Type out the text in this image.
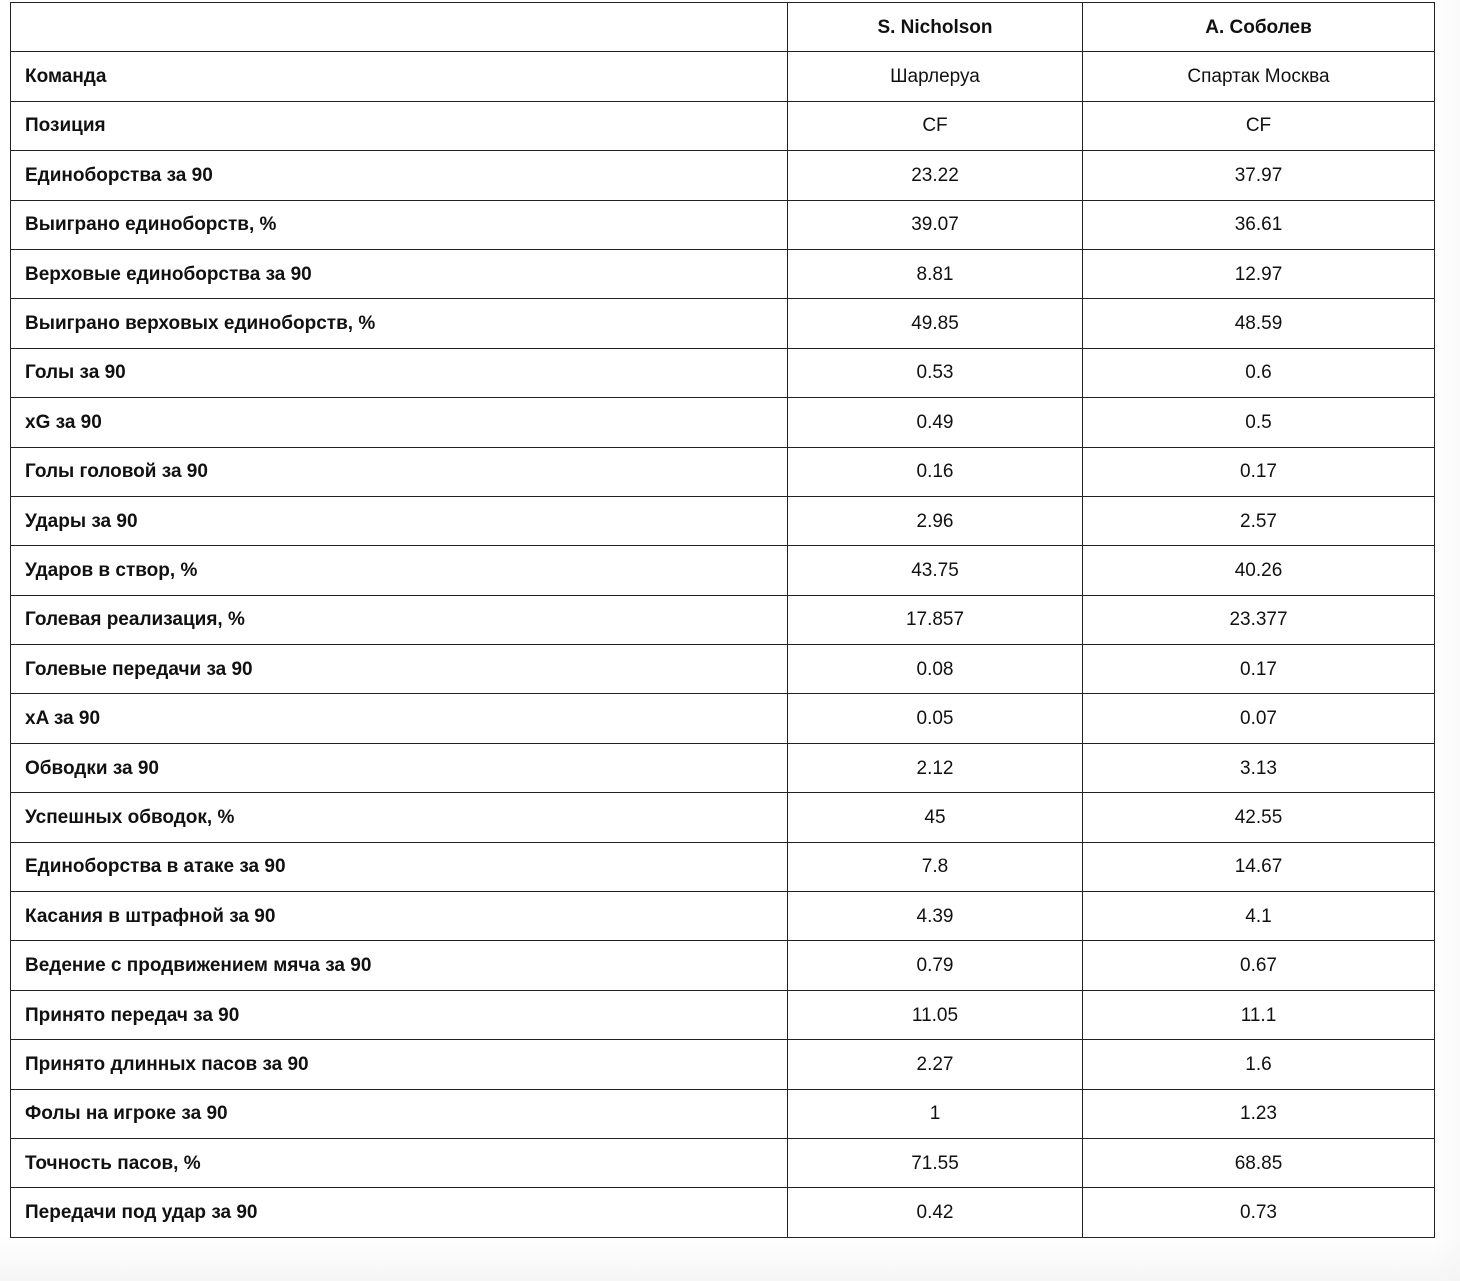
	S. Nicholson	А. Соболев
Команда	Шарлеруа	Спартак Москва
Позиция	CF	CF
Единоборства за 90	23.22	37.97
Выиграно единоборств, %	39.07	36.61
Верховые единоборства за 90	8.81	12.97
Выиграно верховых единоборств, %	49.85	48.59
Голы за 90	0.53	0.6
xG за 90	0.49	0.5
Голы головой за 90	0.16	0.17
Удары за 90	2.96	2.57
Ударов в створ, %	43.75	40.26
Голевая реализация, %	17.857	23.377
Голевые передачи за 90	0.08	0.17
xA за 90	0.05	0.07
Обводки за 90	2.12	3.13
Успешных обводок, %	45	42.55
Единоборства в атаке за 90	7.8	14.67
Касания в штрафной за 90	4.39	4.1
Ведение с продвижением мяча за 90	0.79	0.67
Принято передач за 90	11.05	11.1
Принято длинных пасов за 90	2.27	1.6
Фолы на игроке за 90	1	1.23
Точность пасов, %	71.55	68.85
Передачи под удар за 90	0.42	0.73
